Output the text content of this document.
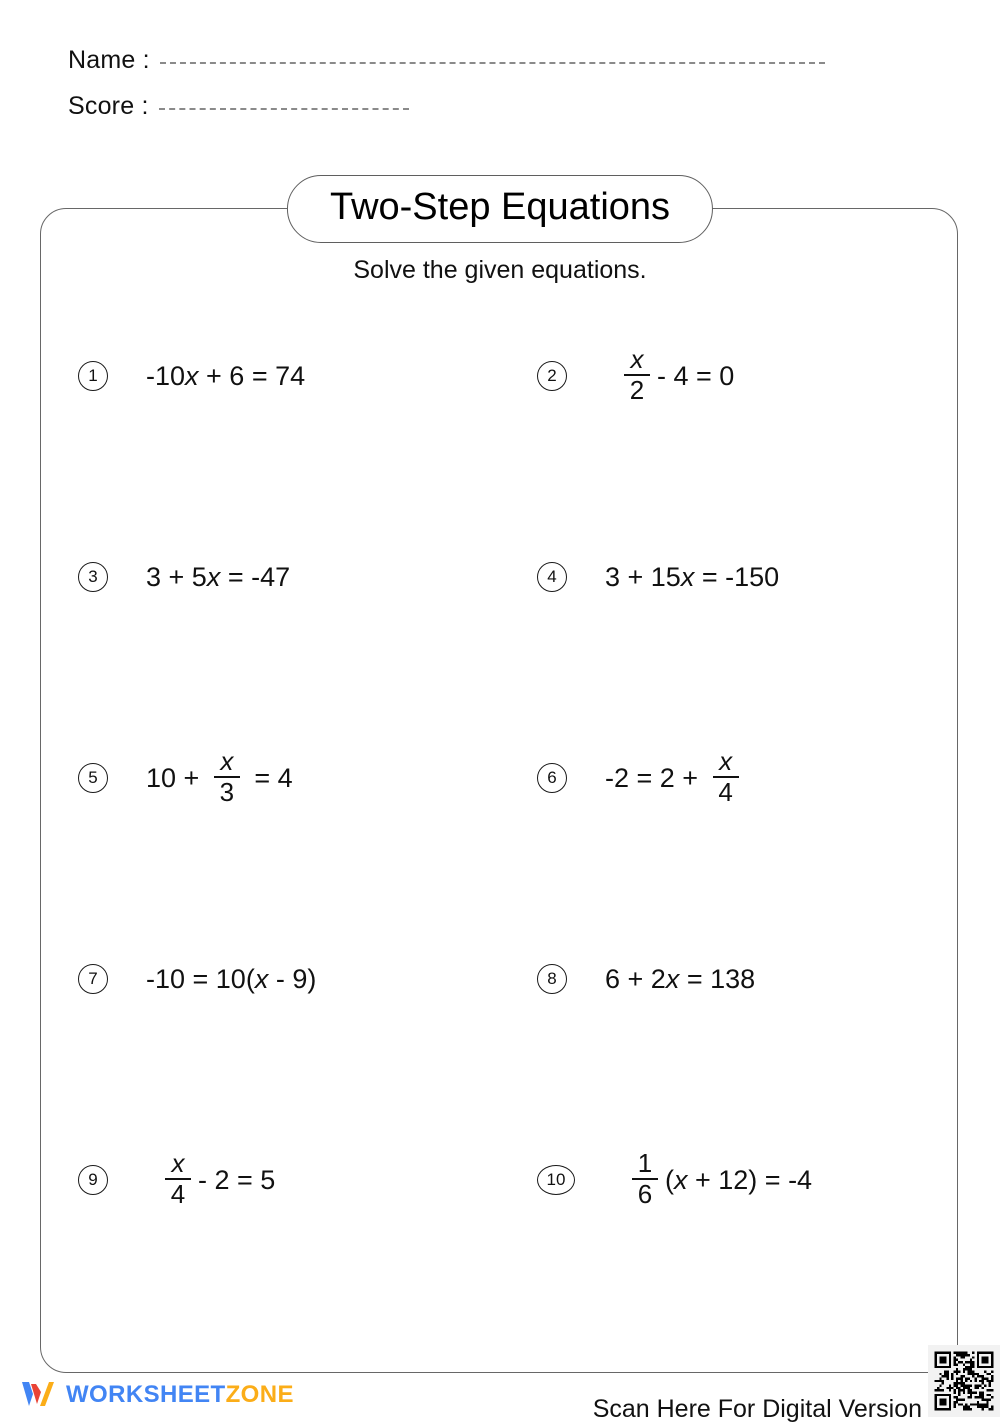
Name :
Score :
Two-Step Equations
Solve the given equations.
1	-10 x + 6 = 74	2	$\frac{x}{2} - 4 = 0$
3	3 + 5 x = -47	4	3 + 15 x = -150
5	$10 + \frac{x}{3} = 4$	6	$-2 = 2 + \frac{x}{4}$
7	-10 = 10( x - 9)	8	6 + 2 x = 138
9	$\frac{x}{4} - 2 = 5$	10	$\frac{1}{6}$ ( x + 12) = -4
WORKSHEETZONE	Scan Here For Digital Version
